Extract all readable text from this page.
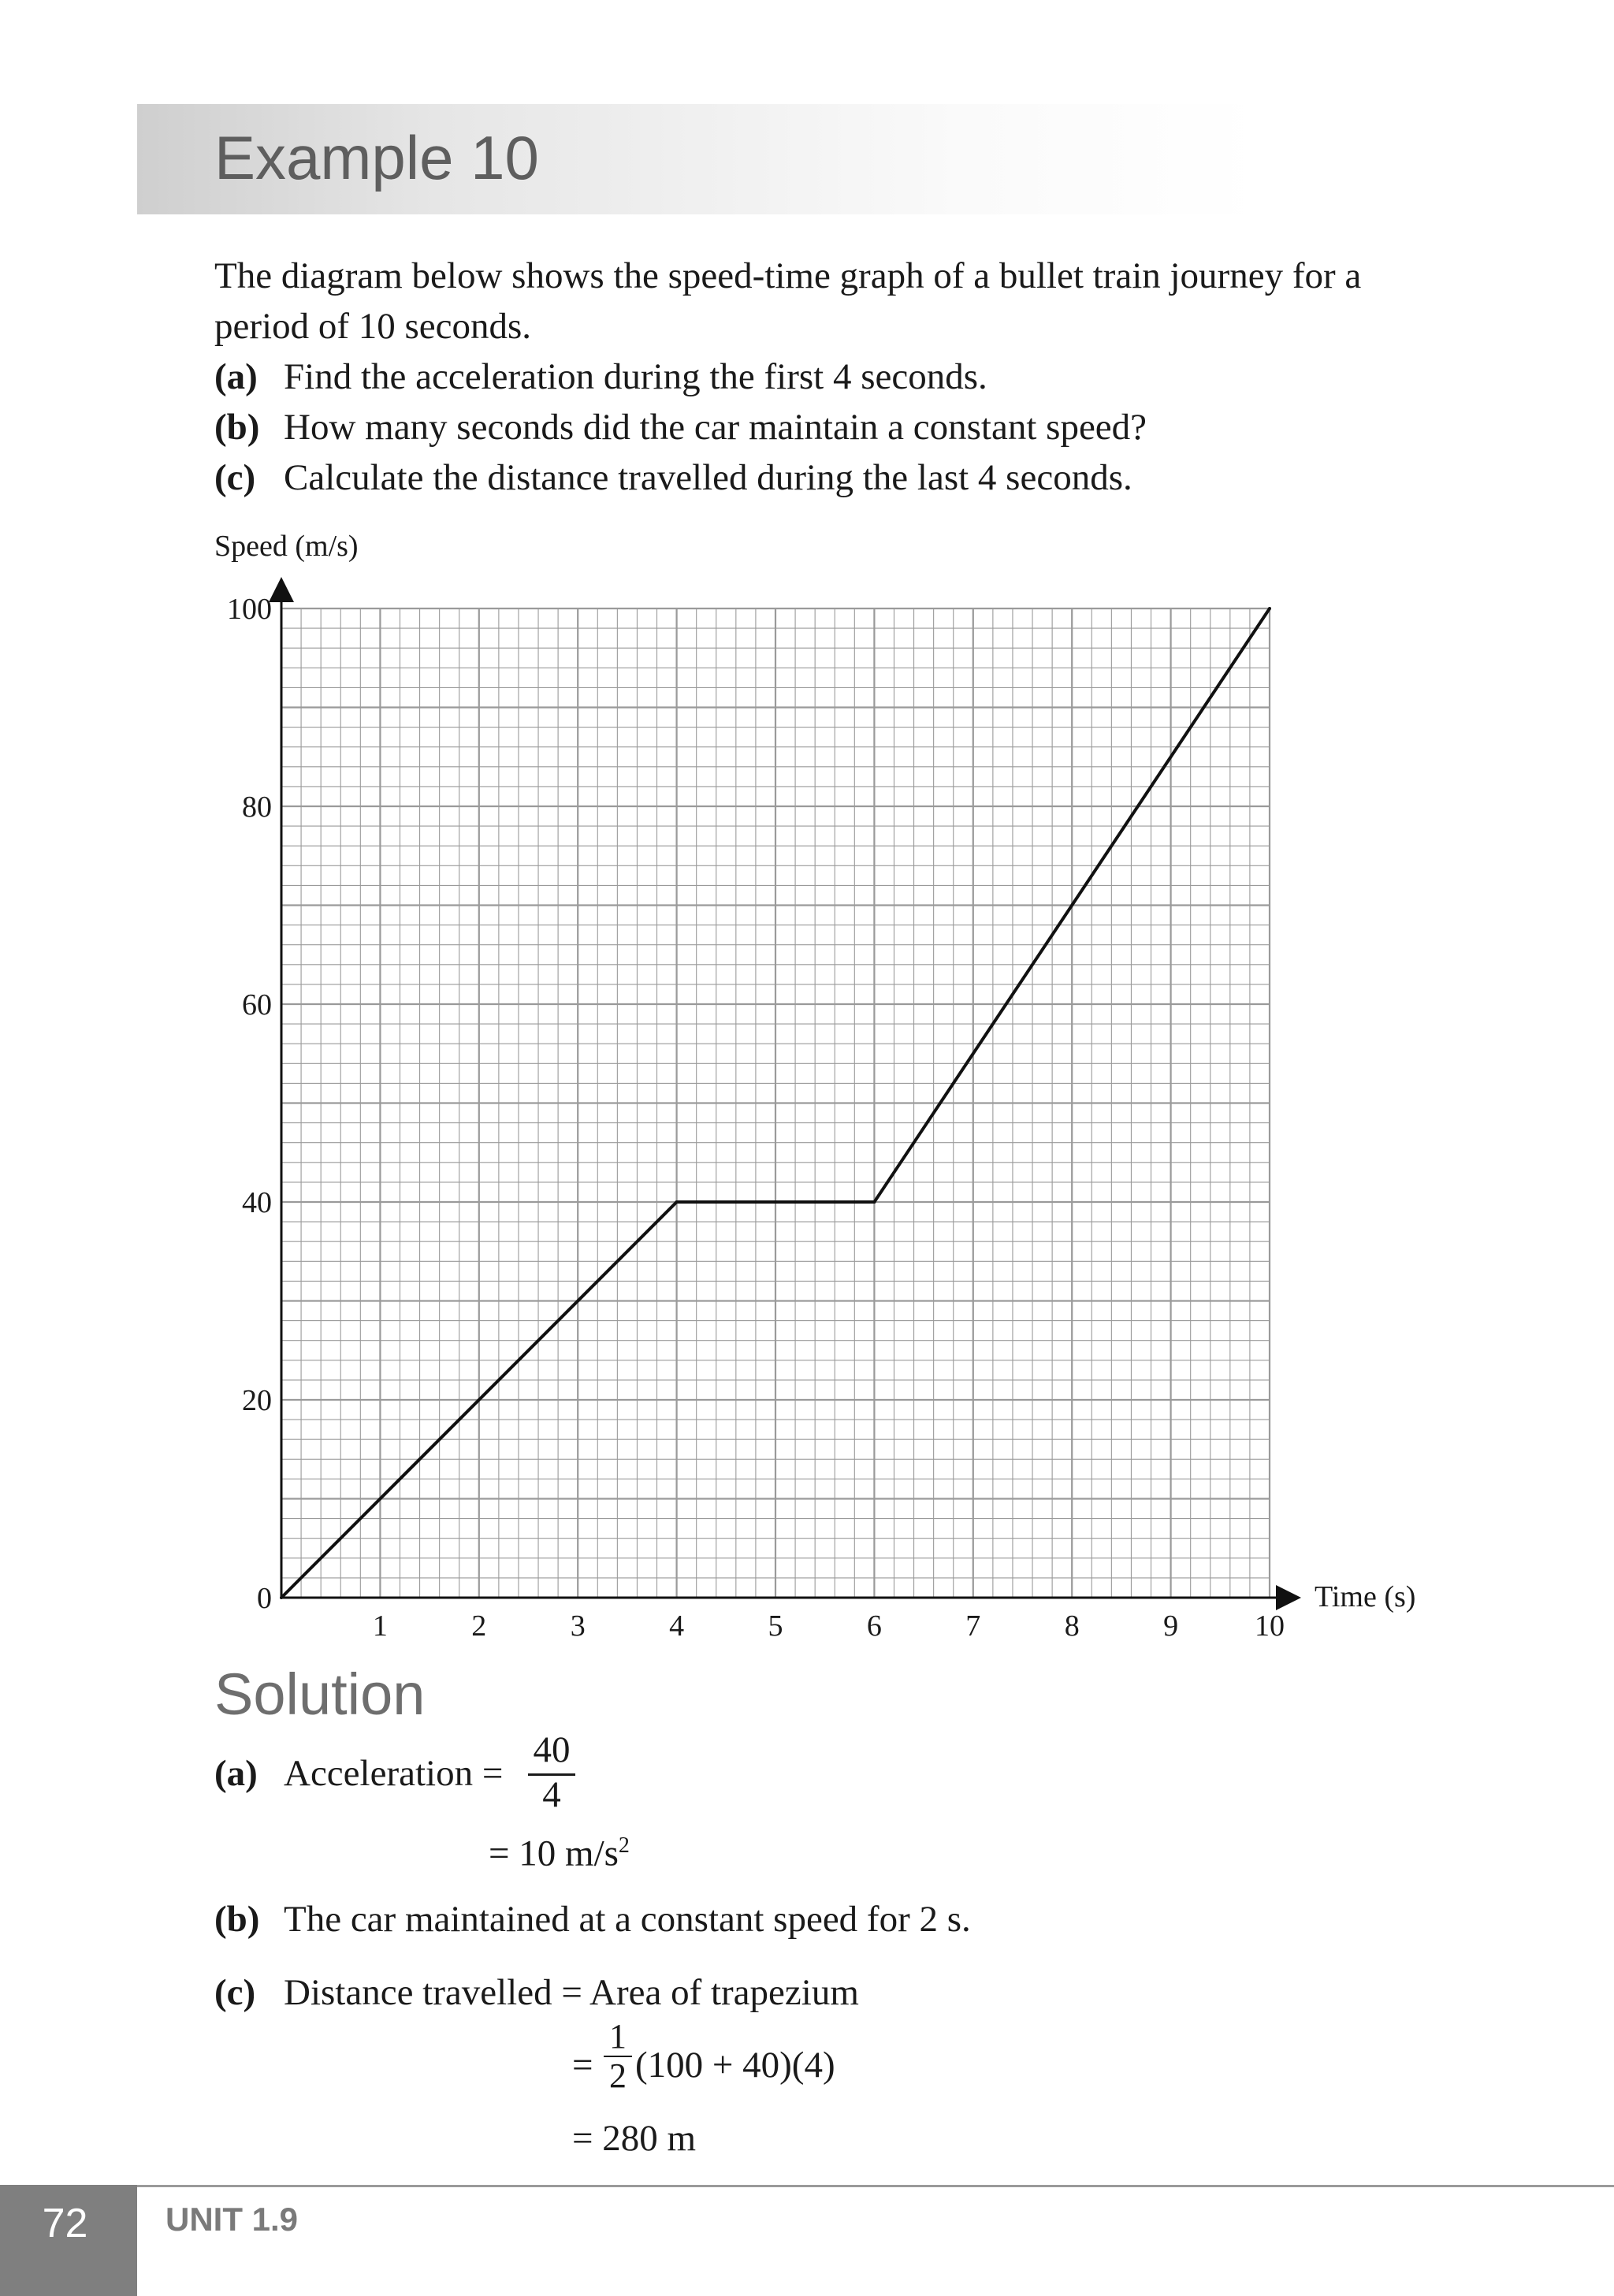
Example 10

The diagram below shows the speed-time graph of a bullet train journey for a period of 10 seconds.

(a) Find the acceleration during the first 4 seconds.
(b) How many seconds did the car maintain a constant speed?
(c) Calculate the distance travelled during the last 4 seconds.
Speed (m/s)
Time (s)
0
20
40
60
80
100
1	2	3	4	5	6	7	8	9	10
Solution
(a) Acceleration =
40
4
= 10 $m/s^2$
(b) The car maintained at a constant speed for 2 s.
(c) Distance travelled = Area of trapezium
=
1
2 (100 + 40)(4)
= 280 m
72	UNIT 1.9
